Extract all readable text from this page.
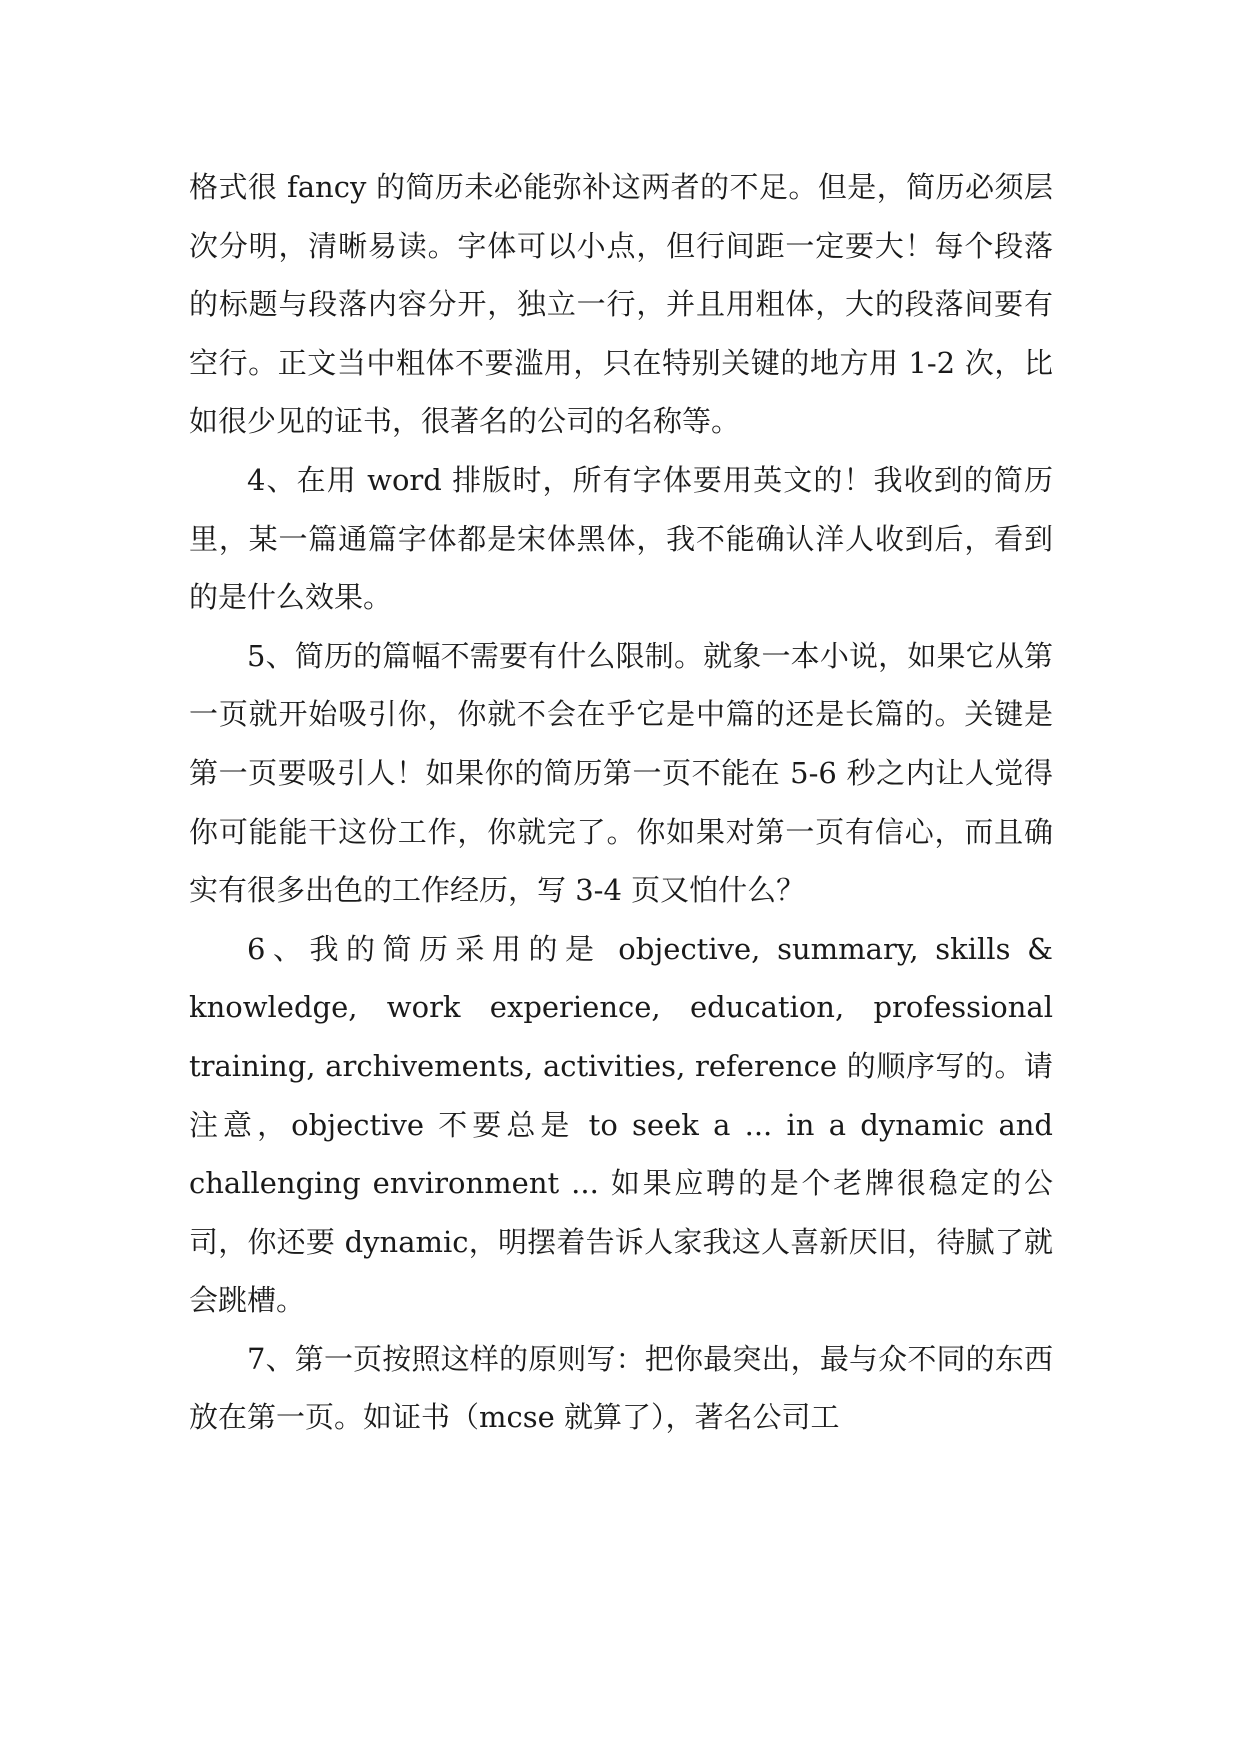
格式很 fancy 的简历未必能弥补这两者的不足。但是，简历必须层次分明，清晰易读。字体可以小点，但行间距一定要大！每个段落的标题与段落内容分开，独立一行，并且用粗体，大的段落间要有空行。正文当中粗体不要滥用，只在特别关键的地方用 1-2 次，比如很少见的证书，很著名的公司的名称等。

4、在用 word 排版时，所有字体要用英文的！我收到的简历里，某一篇通篇字体都是宋体黑体，我不能确认洋人收到后，看到的是什么效果。

5、简历的篇幅不需要有什么限制。就象一本小说，如果它从第一页就开始吸引你，你就不会在乎它是中篇的还是长篇的。关键是第一页要吸引人！如果你的简历第一页不能在 5-6 秒之内让人觉得你可能能干这份工作，你就完了。你如果对第一页有信心，而且确实有很多出色的工作经历，写 3-4 页又怕什么？

6、我的简历采用的是 objective, summary, skills & knowledge, work experience, education, professional training, archivements, activities, reference 的顺序写的。请注意，objective 不要总是 to seek a ... in a dynamic and challenging environment ... 如果应聘的是个老牌很稳定的公司，你还要 dynamic，明摆着告诉人家我这人喜新厌旧，待腻了就会跳槽。

7、第一页按照这样的原则写：把你最突出，最与众不同的东西放在第一页。如证书（mcse 就算了），著名公司工
